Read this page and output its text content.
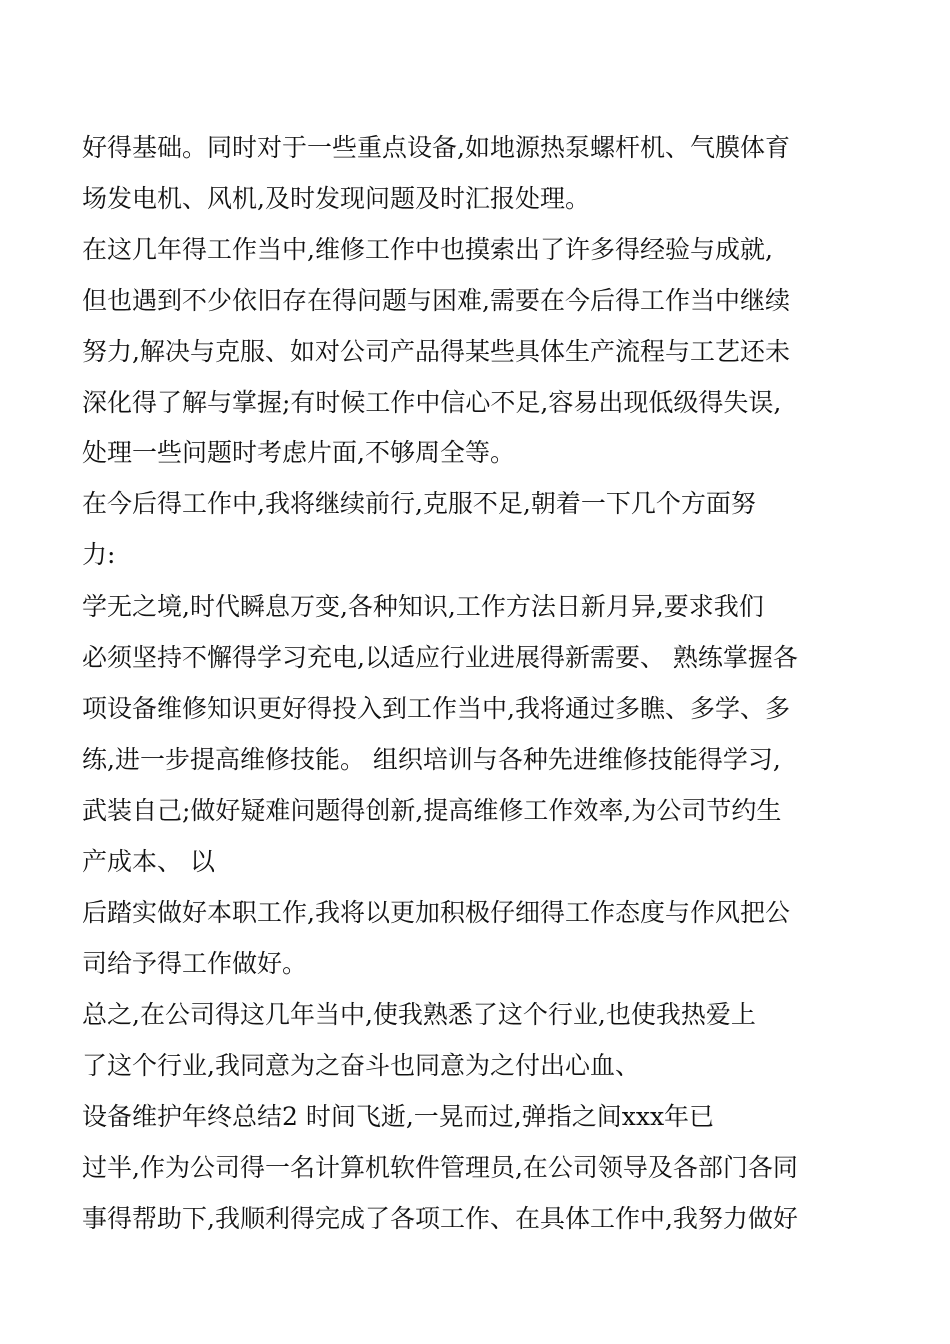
好得基础。同时对于一些重点设备,如地源热泵螺杆机、气膜体育

场发电机、风机,及时发现问题及时汇报处理。

在这几年得工作当中,维修工作中也摸索出了许多得经验与成就,

但也遇到不少依旧存在得问题与困难,需要在今后得工作当中继续

努力,解决与克服、如对公司产品得某些具体生产流程与工艺还未

深化得了解与掌握;有时候工作中信心不足,容易出现低级得失误,

处理一些问题时考虑片面,不够周全等。

在今后得工作中,我将继续前行,克服不足,朝着一下几个方面努

力:

学无之境,时代瞬息万变,各种知识,工作方法日新月异,要求我们

必须坚持不懈得学习充电,以适应行业进展得新需要、 熟练掌握各

项设备维修知识更好得投入到工作当中,我将通过多瞧、多学、多

练,进一步提高维修技能。 组织培训与各种先进维修技能得学习,

武装自己;做好疑难问题得创新,提高维修工作效率,为公司节约生

产成本、 以

后踏实做好本职工作,我将以更加积极仔细得工作态度与作风把公

司给予得工作做好。

总之,在公司得这几年当中,使我熟悉了这个行业,也使我热爱上

了这个行业,我同意为之奋斗也同意为之付出心血、

设备维护年终总结2 时间飞逝,一晃而过,弹指之间xxx年已

过半,作为公司得一名计算机软件管理员,在公司领导及各部门各同

事得帮助下,我顺利得完成了各项工作、在具体工作中,我努力做好
